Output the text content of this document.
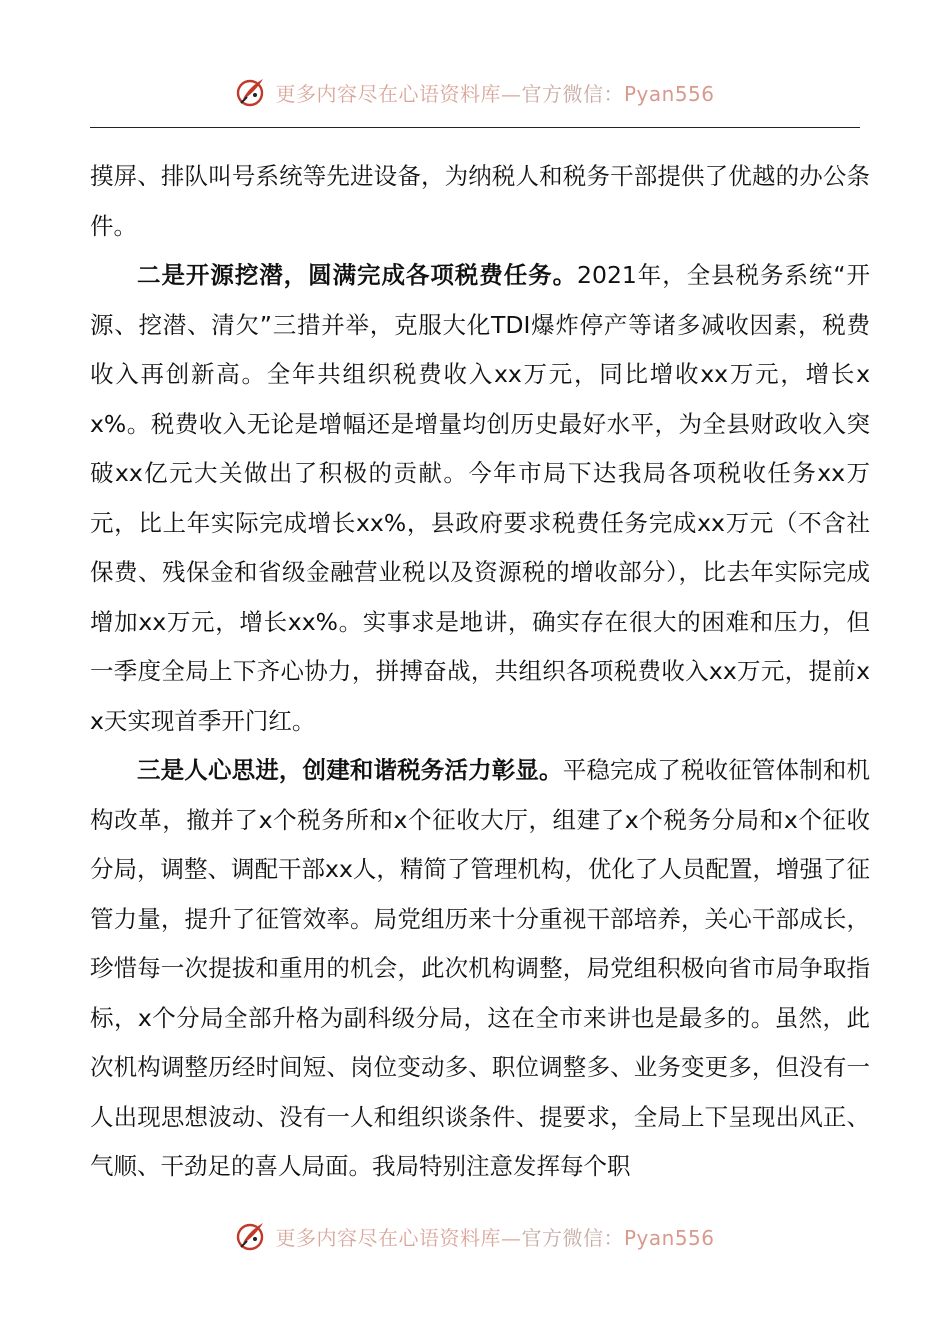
更多内容尽在心语资料库—官方微信：Pyan556

摸屏、排队叫号系统等先进设备，为纳税人和税务干部提供了优越的办公条件。

二是开源挖潜，圆满完成各项税费任务。2021年，全县税务系统“开源、挖潜、清欠”三措并举，克服大化TDI爆炸停产等诸多减收因素，税费收入再创新高。全年共组织税费收入xx万元，同比增收xx万元，增长xx%。税费收入无论是增幅还是增量均创历史最好水平，为全县财政收入突破xx亿元大关做出了积极的贡献。今年市局下达我局各项税收任务xx万元，比上年实际完成增长xx%，县政府要求税费任务完成xx万元（不含社保费、残保金和省级金融营业税以及资源税的增收部分），比去年实际完成增加xx万元，增长xx%。实事求是地讲，确实存在很大的困难和压力，但一季度全局上下齐心协力，拼搏奋战，共组织各项税费收入xx万元，提前xx天实现首季开门红。

三是人心思进，创建和谐税务活力彰显。平稳完成了税收征管体制和机构改革，撤并了x个税务所和x个征收大厅，组建了x个税务分局和x个征收分局，调整、调配干部xx人，精简了管理机构，优化了人员配置，增强了征管力量，提升了征管效率。局党组历来十分重视干部培养，关心干部成长，珍惜每一次提拔和重用的机会，此次机构调整，局党组积极向省市局争取指标，x个分局全部升格为副科级分局，这在全市来讲也是最多的。虽然，此次机构调整历经时间短、岗位变动多、职位调整多、业务变更多，但没有一人出现思想波动、没有一人和组织谈条件、提要求，全局上下呈现出风正、气顺、干劲足的喜人局面。我局特别注意发挥每个职

更多内容尽在心语资料库—官方微信：Pyan556
